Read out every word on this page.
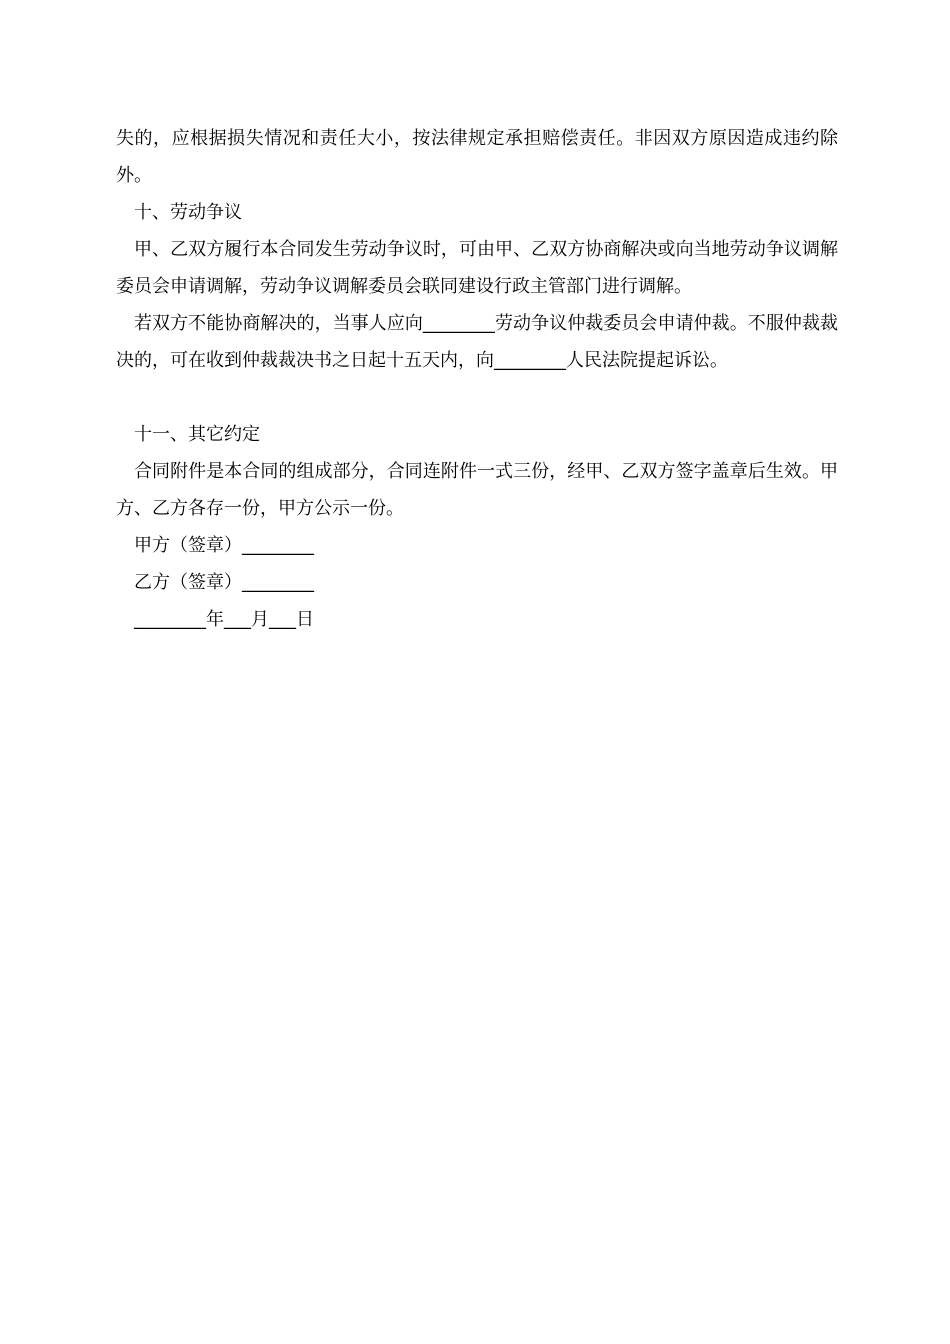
失的，应根据损失情况和责任大小，按法律规定承担赔偿责任。非因双方原因造成违约除外。

十、劳动争议

甲、乙双方履行本合同发生劳动争议时，可由甲、乙双方协商解决或向当地劳动争议调解委员会申请调解，劳动争议调解委员会联同建设行政主管部门进行调解。

若双方不能协商解决的，当事人应向________劳动争议仲裁委员会申请仲裁。不服仲裁裁决的，可在收到仲裁裁决书之日起十五天内，向________人民法院提起诉讼。

十一、其它约定

合同附件是本合同的组成部分，合同连附件一式三份，经甲、乙双方签字盖章后生效。甲方、乙方各存一份，甲方公示一份。

甲方（签章）________

乙方（签章）________

________年___月___日
